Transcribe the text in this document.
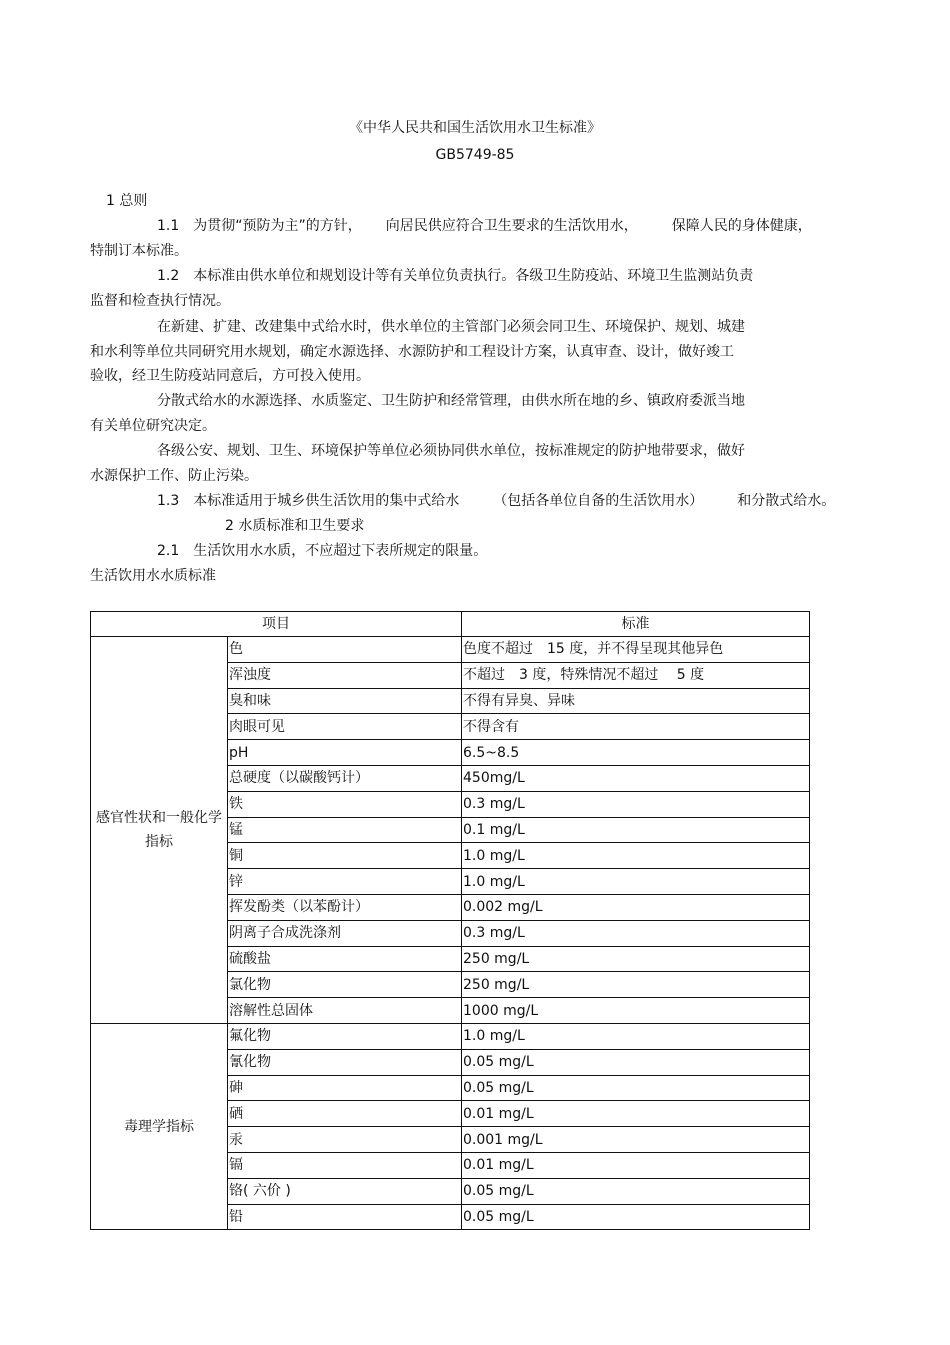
《中华人民共和国生活饮用水卫生标准》
GB5749-85
1 总则
1.1　为贯彻“预防为主”的方针， 向居民供应符合卫生要求的生活饮用水， 保障人民的身体健康，
特制订本标准。
1.2　本标准由供水单位和规划设计等有关单位负责执行。各级卫生防疫站、环境卫生监测站负责
监督和检查执行情况。
在新建、扩建、改建集中式给水时，供水单位的主管部门必须会同卫生、环境保护、规划、城建
和水利等单位共同研究用水规划，确定水源选择、水源防护和工程设计方案，认真审查、设计，做好竣工
验收，经卫生防疫站同意后，方可投入使用。
分散式给水的水源选择、水质鉴定、卫生防护和经常管理，由供水所在地的乡、镇政府委派当地
有关单位研究决定。
各级公安、规划、卫生、环境保护等单位必须协同供水单位，按标准规定的防护地带要求，做好
水源保护工作、防止污染。
1.3　本标准适用于城乡供生活饮用的集中式给水 （包括各单位自备的生活饮用水） 和分散式给水。
2 水质标准和卫生要求
2.1　生活饮用水水质，不应超过下表所规定的限量。
生活饮用水水质标准
项目		标准
感官性状和一般化学指标	色	色度不超过　15 度，并不得呈现其他异色
	浑浊度	不超过　3 度，特殊情况不超过　 5 度
	臭和味	不得有异臭、异味
	肉眼可见	不得含有
	pH	6.5~8.5
	总硬度（以碳酸钙计）	450mg/L
	铁	0.3 mg/L
	锰	0.1 mg/L
	铜	1.0 mg/L
	锌	1.0 mg/L
	挥发酚类（以苯酚计）	0.002 mg/L
	阴离子合成洗涤剂	0.3 mg/L
	硫酸盐	250 mg/L
	氯化物	250 mg/L
	溶解性总固体	1000 mg/L
毒理学指标	氟化物	1.0 mg/L
	氰化物	0.05 mg/L
	砷	0.05 mg/L
	硒	0.01 mg/L
	汞	0.001 mg/L
	镉	0.01 mg/L
	铬( 六价 )	0.05 mg/L
	铅	0.05 mg/L
